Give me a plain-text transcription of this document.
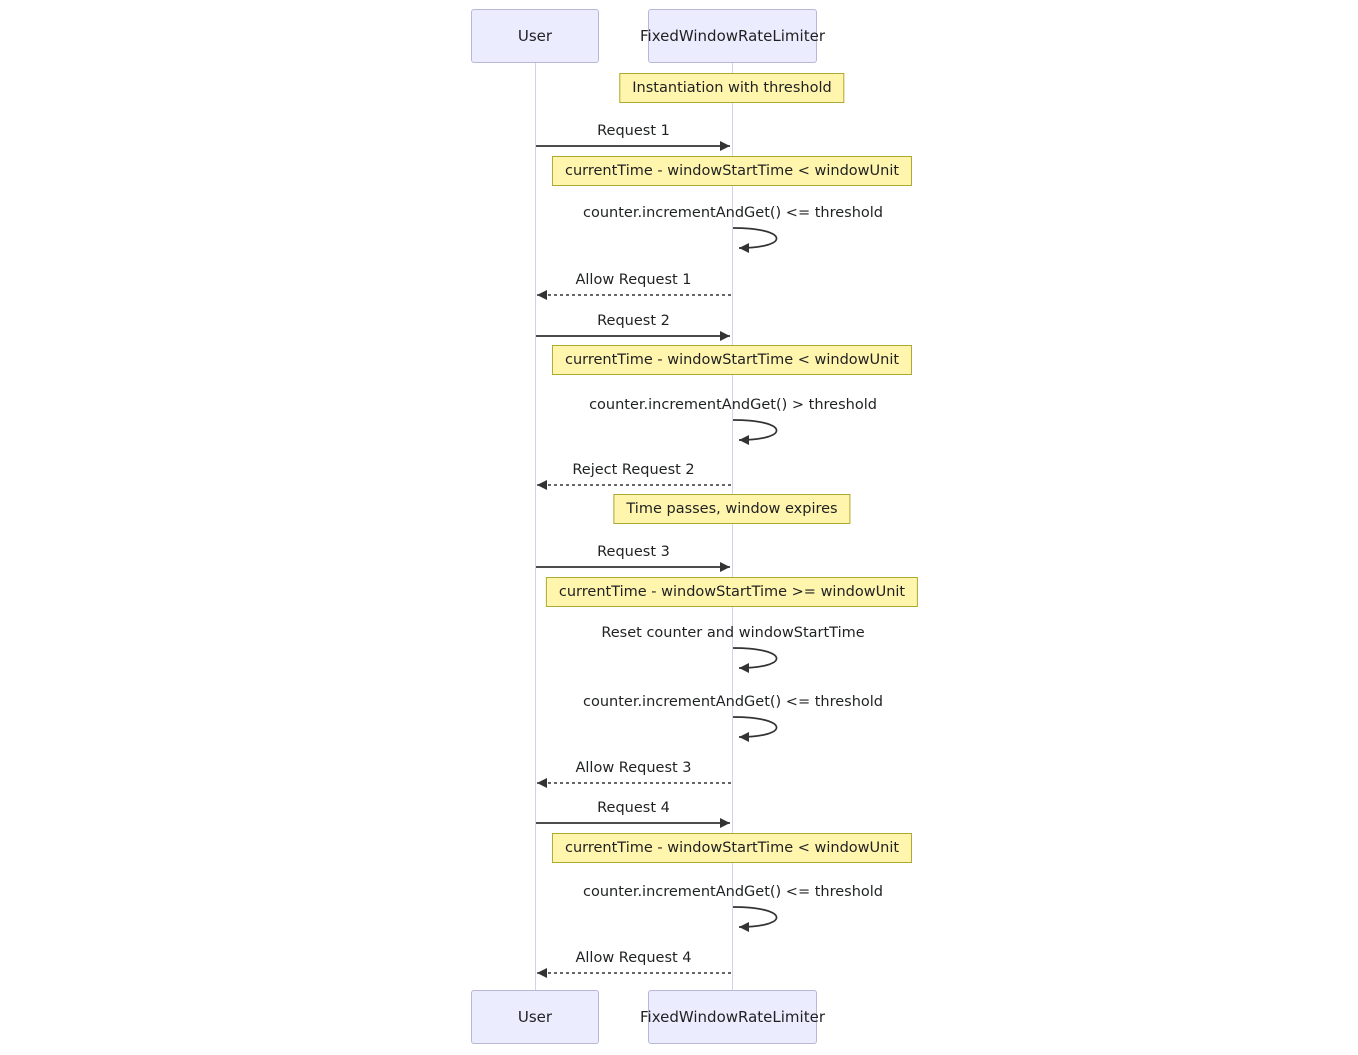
User	FixedWindowRateLimiter
User	FixedWindowRateLimiter
Instantiation with threshold
currentTime - windowStartTime < windowUnit
currentTime - windowStartTime < windowUnit
Time passes, window expires
currentTime - windowStartTime >= windowUnit
currentTime - windowStartTime < windowUnit
Request 1
Allow Request 1
Request 2
Reject Request 2
Request 3
Allow Request 3
Request 4
Allow Request 4
counter.incrementAndGet() <= threshold
counter.incrementAndGet() > threshold
Reset counter and windowStartTime
counter.incrementAndGet() <= threshold
counter.incrementAndGet() <= threshold
